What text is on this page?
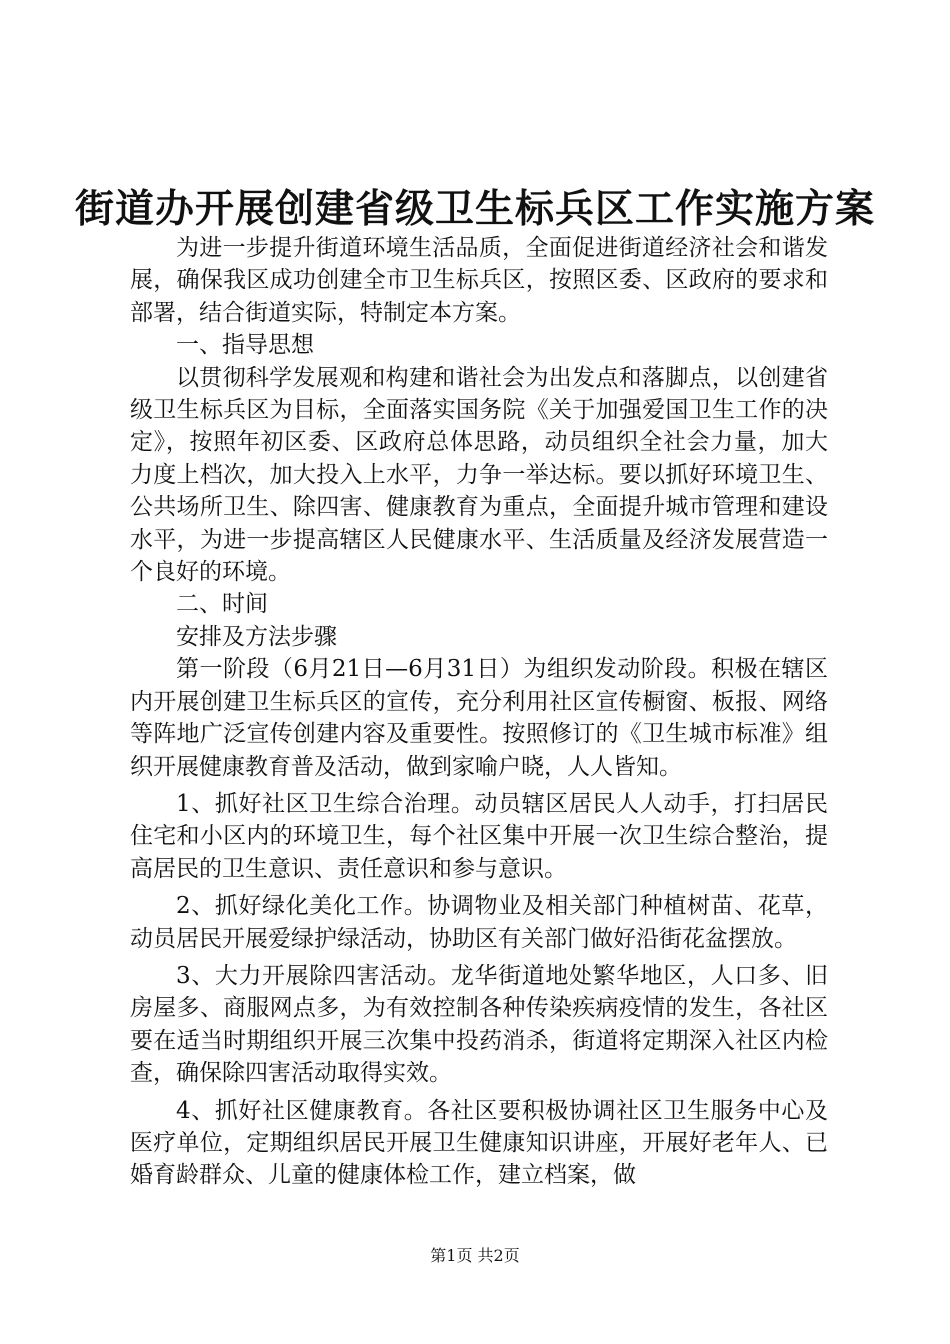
街道办开展创建省级卫生标兵区工作实施方案

为进一步提升街道环境生活品质，全面促进街道经济社会和谐发展，确保我区成功创建全市卫生标兵区，按照区委、区政府的要求和部署，结合街道实际，特制定本方案。

一、指导思想

以贯彻科学发展观和构建和谐社会为出发点和落脚点，以创建省级卫生标兵区为目标，全面落实国务院《关于加强爱国卫生工作的决定》，按照年初区委、区政府总体思路，动员组织全社会力量，加大力度上档次，加大投入上水平，力争一举达标。要以抓好环境卫生、公共场所卫生、除四害、健康教育为重点，全面提升城市管理和建设水平，为进一步提高辖区人民健康水平、生活质量及经济发展营造一个良好的环境。

二、时间

安排及方法步骤

第一阶段（6月21日—6月31日）为组织发动阶段。积极在辖区内开展创建卫生标兵区的宣传，充分利用社区宣传橱窗、板报、网络等阵地广泛宣传创建内容及重要性。按照修订的《卫生城市标准》组织开展健康教育普及活动，做到家喻户晓，人人皆知。

1、抓好社区卫生综合治理。动员辖区居民人人动手，打扫居民住宅和小区内的环境卫生，每个社区集中开展一次卫生综合整治，提高居民的卫生意识、责任意识和参与意识。

2、抓好绿化美化工作。协调物业及相关部门种植树苗、花草，动员居民开展爱绿护绿活动，协助区有关部门做好沿街花盆摆放。

3、大力开展除四害活动。龙华街道地处繁华地区，人口多、旧房屋多、商服网点多，为有效控制各种传染疾病疫情的发生，各社区要在适当时期组织开展三次集中投药消杀，街道将定期深入社区内检查，确保除四害活动取得实效。

4、抓好社区健康教育。各社区要积极协调社区卫生服务中心及医疗单位，定期组织居民开展卫生健康知识讲座，开展好老年人、已婚育龄群众、儿童的健康体检工作，建立档案，做

第1页 共2页
